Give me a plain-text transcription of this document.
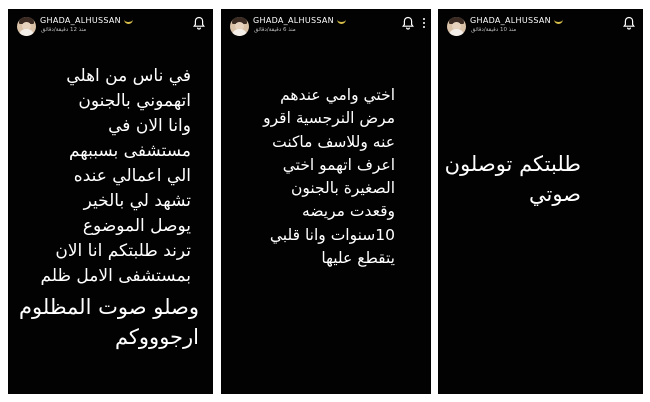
GHADA_ALHUSSAN
منذ 12 دقيقة/دقائق
في ناس من اهلي
اتهموني بالجنون
وانا الان في
مستشفى بسببهم
الي اعمالي عنده
تشهد لي بالخير
يوصل الموضوع
ترند طلبتكم انا الان
بمستشفى الامل ظلم
وصلو صوت المظلوم
ارجوووكم
GHADA_ALHUSSAN
منذ 6 دقيقة/دقائق
اختي وامي عندهم
مرض النرجسية اقرو
عنه وللاسف ماكنت
اعرف اتهمو اختي
الصغيرة بالجنون
وقعدت مريضه
10سنوات وانا قلبي
يتقطع عليها
GHADA_ALHUSSAN
منذ 10 دقيقة/دقائق
طلبتكم توصلون
صوتي
